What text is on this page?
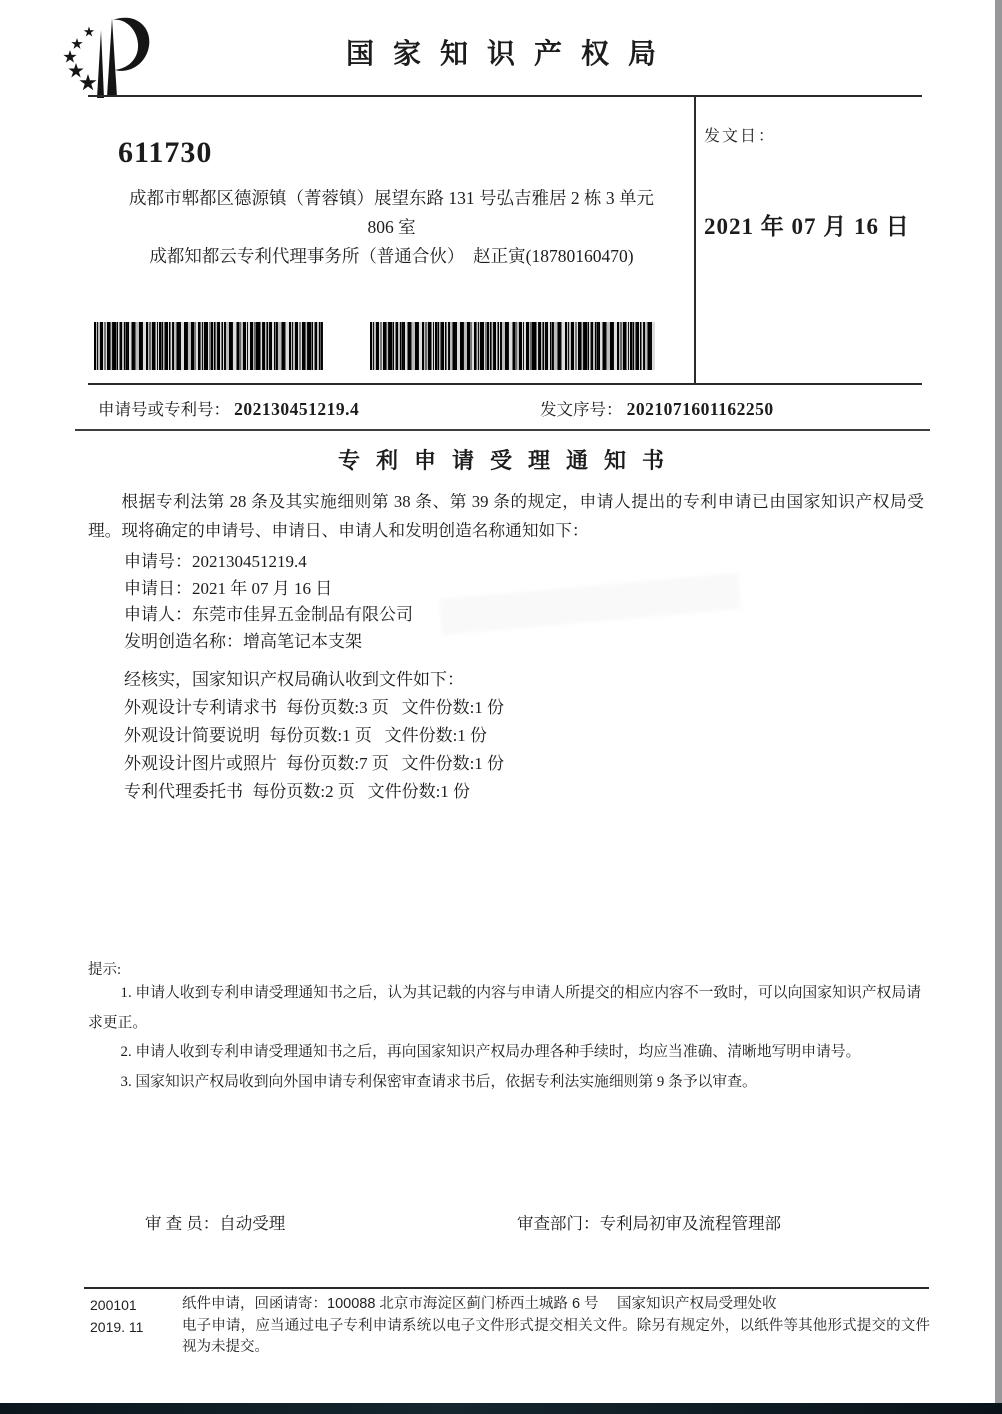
国家知识产权局
611730
成都市郫都区德源镇（菁蓉镇）展望东路 131 号弘吉雅居 2 栋 3 单元
806 室
成都知都云专利代理事务所（普通合伙）　赵正寅(18780160470)
发文日：
2021 年 07 月 16 日
申请号或专利号： 202130451219.4	发文序号： 2021071601162250
专利申请受理通知书
根据专利法第 28 条及其实施细则第 38 条、第 39 条的规定，申请人提出的专利申请已由国家知识产权局受理。现将确定的申请号、申请日、申请人和发明创造名称通知如下：
申请号：202130451219.4
申请日：2021 年 07 月 16 日
申请人：东莞市佳昇五金制品有限公司
发明创造名称：增高笔记本支架
经核实，国家知识产权局确认收到文件如下：
外观设计专利请求书 每份页数:3 页 文件份数:1 份
外观设计简要说明 每份页数:1 页 文件份数:1 份
外观设计图片或照片 每份页数:7 页 文件份数:1 份
专利代理委托书 每份页数:2 页 文件份数:1 份
提示:

1. 申请人收到专利申请受理通知书之后，认为其记载的内容与申请人所提交的相应内容不一致时，可以向国家知识产权局请求更正。

2. 申请人收到专利申请受理通知书之后，再向国家知识产权局办理各种手续时，均应当准确、清晰地写明申请号。

3. 国家知识产权局收到向外国申请专利保密审查请求书后，依据专利法实施细则第 9 条予以审查。

审 查 员：自动受理	审查部门：专利局初审及流程管理部
200101
2019. 11

纸件申请，回函请寄：100088 北京市海淀区蓟门桥西土城路 6 号　 国家知识产权局受理处收

电子申请，应当通过电子专利申请系统以电子文件形式提交相关文件。除另有规定外，以纸件等其他形式提交的文件视为未提交。
